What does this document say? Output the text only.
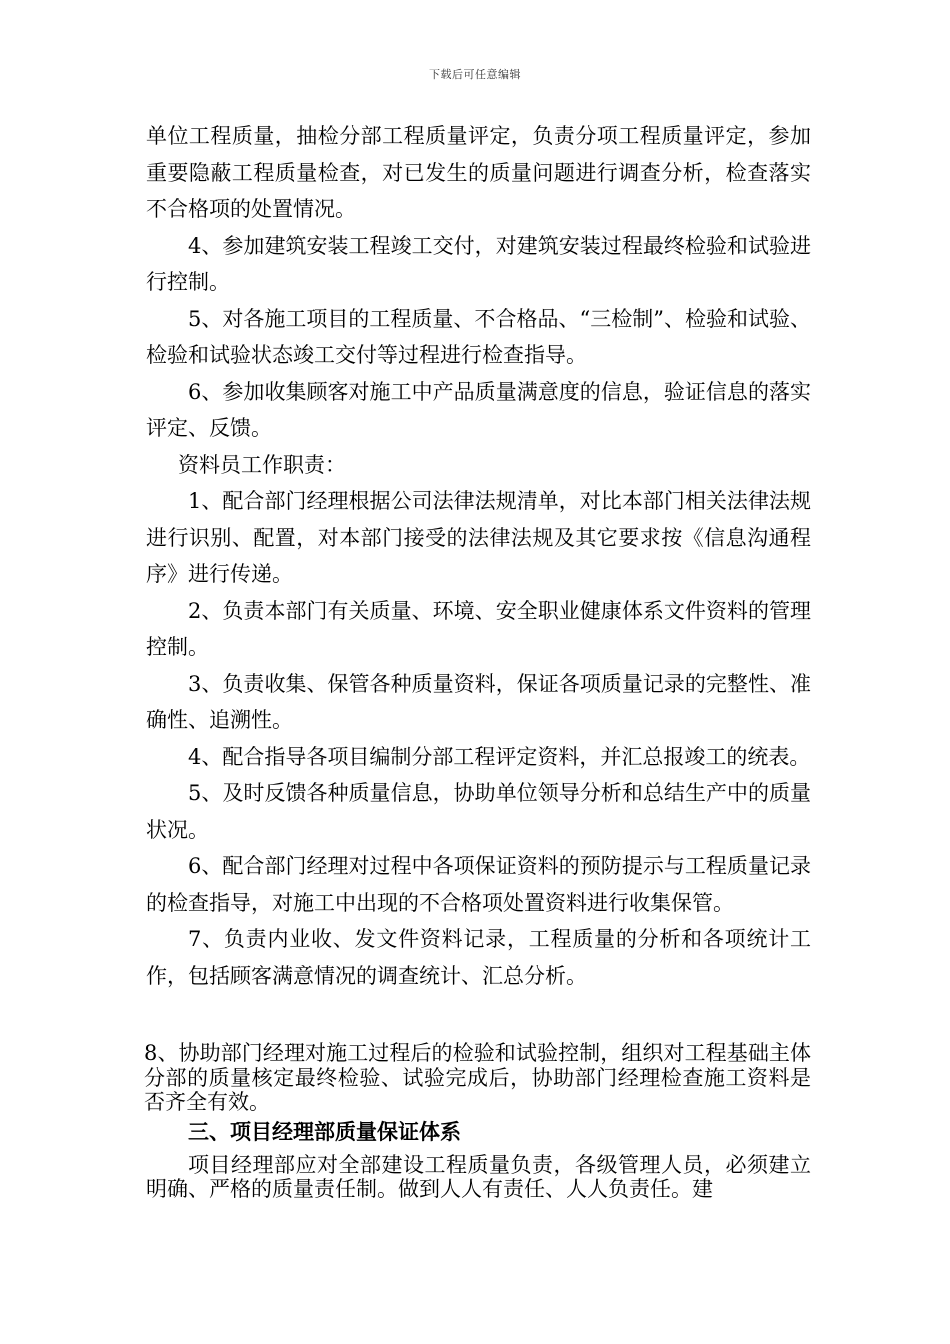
下载后可任意编辑

单位工程质量，抽检分部工程质量评定，负责分项工程质量评定，参加重要隐蔽工程质量检查，对已发生的质量问题进行调查分析，检查落实不合格项的处置情况。

4、参加建筑安装工程竣工交付，对建筑安装过程最终检验和试验进行控制。

5、对各施工项目的工程质量、不合格品、“三检制”、检验和试验、检验和试验状态竣工交付等过程进行检查指导。

6、参加收集顾客对施工中产品质量满意度的信息，验证信息的落实评定、反馈。

资料员工作职责：

1、配合部门经理根据公司法律法规清单，对比本部门相关法律法规进行识别、配置，对本部门接受的法律法规及其它要求按《信息沟通程序》进行传递。

2、负责本部门有关质量、环境、安全职业健康体系文件资料的管理控制。

3、负责收集、保管各种质量资料，保证各项质量记录的完整性、准确性、追溯性。

4、配合指导各项目编制分部工程评定资料，并汇总报竣工的统表。

5、及时反馈各种质量信息，协助单位领导分析和总结生产中的质量状况。

6、配合部门经理对过程中各项保证资料的预防提示与工程质量记录的检查指导，对施工中出现的不合格项处置资料进行收集保管。

7、负责内业收、发文件资料记录，工程质量的分析和各项统计工作，包括顾客满意情况的调查统计、汇总分析。

8、协助部门经理对施工过程后的检验和试验控制，组织对工程基础主体分部的质量核定最终检验、试验完成后，协助部门经理检查施工资料是否齐全有效。

三、项目经理部质量保证体系

项目经理部应对全部建设工程质量负责，各级管理人员，必须建立明确、严格的质量责任制。做到人人有责任、人人负责任。建
